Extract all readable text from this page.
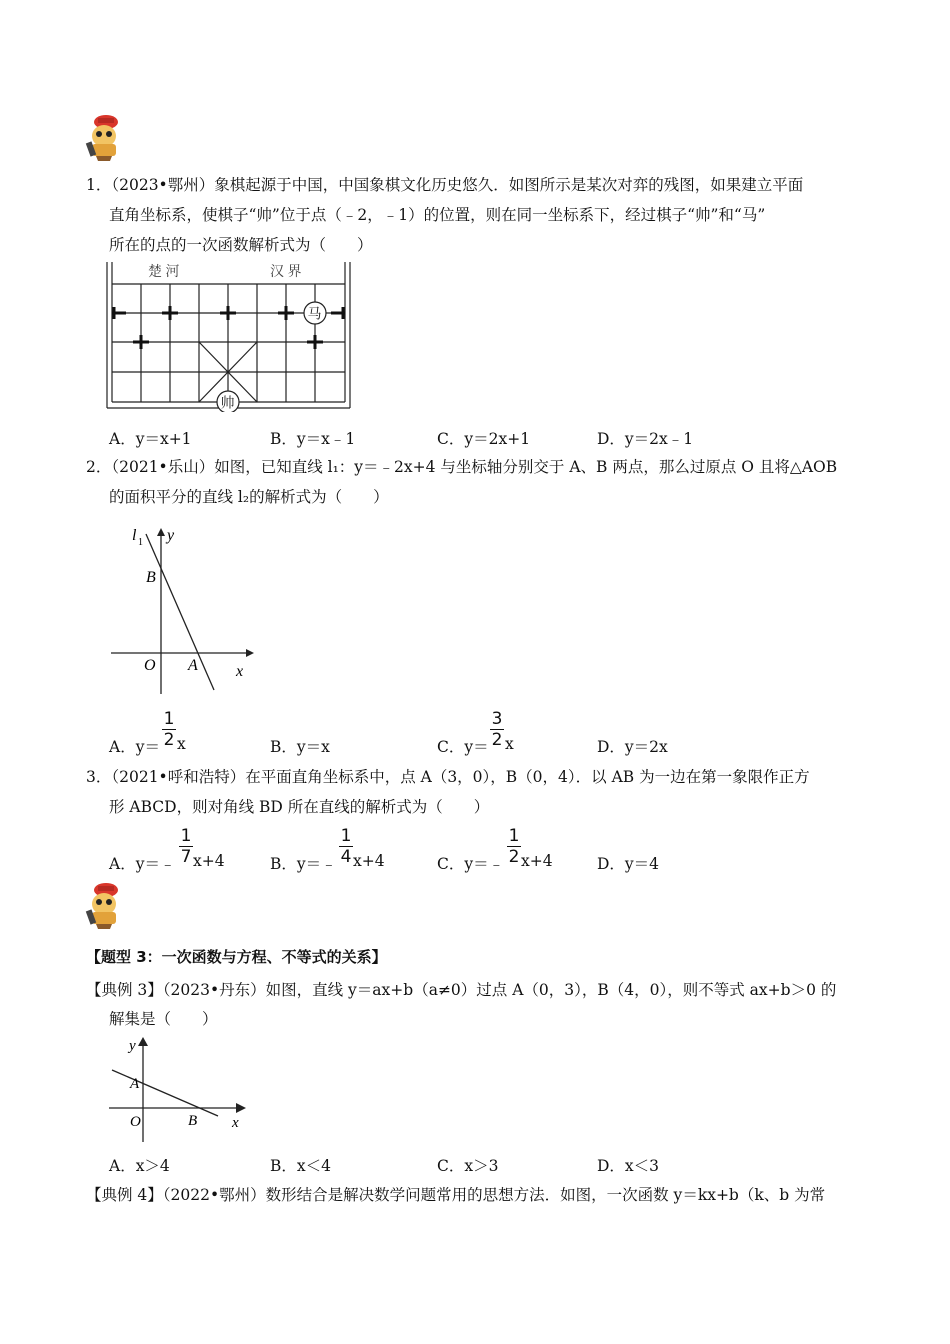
1．（2023•鄂州）象棋起源于中国，中国象棋文化历史悠久．如图所示是某次对弈的残图，如果建立平面
直角坐标系，使棋子“帅”位于点（﹣2，﹣1）的位置，则在同一坐标系下，经过棋子“帅”和“马”
所在的点的一次函数解析式为（　　）
楚 河	汉 界
马
帅
A．y＝x+1	B．y＝x﹣1	C．y＝2x+1	D．y＝2x﹣1
2．（2021•乐山）如图，已知直线 l₁：y＝﹣2x+4 与坐标轴分别交于 A、B 两点，那么过原点 O 且将△AOB
的面积平分的直线 l₂的解析式为（　　）
l 1 y
x
B
O A
A．y＝
1
2 x	B．y＝x	C．y＝
3
2 x	D．y＝2x
3．（2021•呼和浩特）在平面直角坐标系中，点 A（3，0），B（0，4）．以 AB 为一边在第一象限作正方
形 ABCD，则对角线 BD 所在直线的解析式为（　　）
A．y＝﹣
1
7 x+4	B．y＝﹣
1
4 x+4	C．y＝﹣
1
2 x+4	D．y＝4
【题型 3：一次函数与方程、不等式的关系】
【典例 3】（2023•丹东）如图，直线 y＝ax+b（a≠0）过点 A（0，3），B（4，0），则不等式 ax+b＞0 的
解集是（　　）
y
x
A
O	B
A．x＞4	B．x＜4	C．x＞3	D．x＜3
【典例 4】（2022•鄂州）数形结合是解决数学问题常用的思想方法．如图，一次函数 y＝kx+b（k、b 为常
